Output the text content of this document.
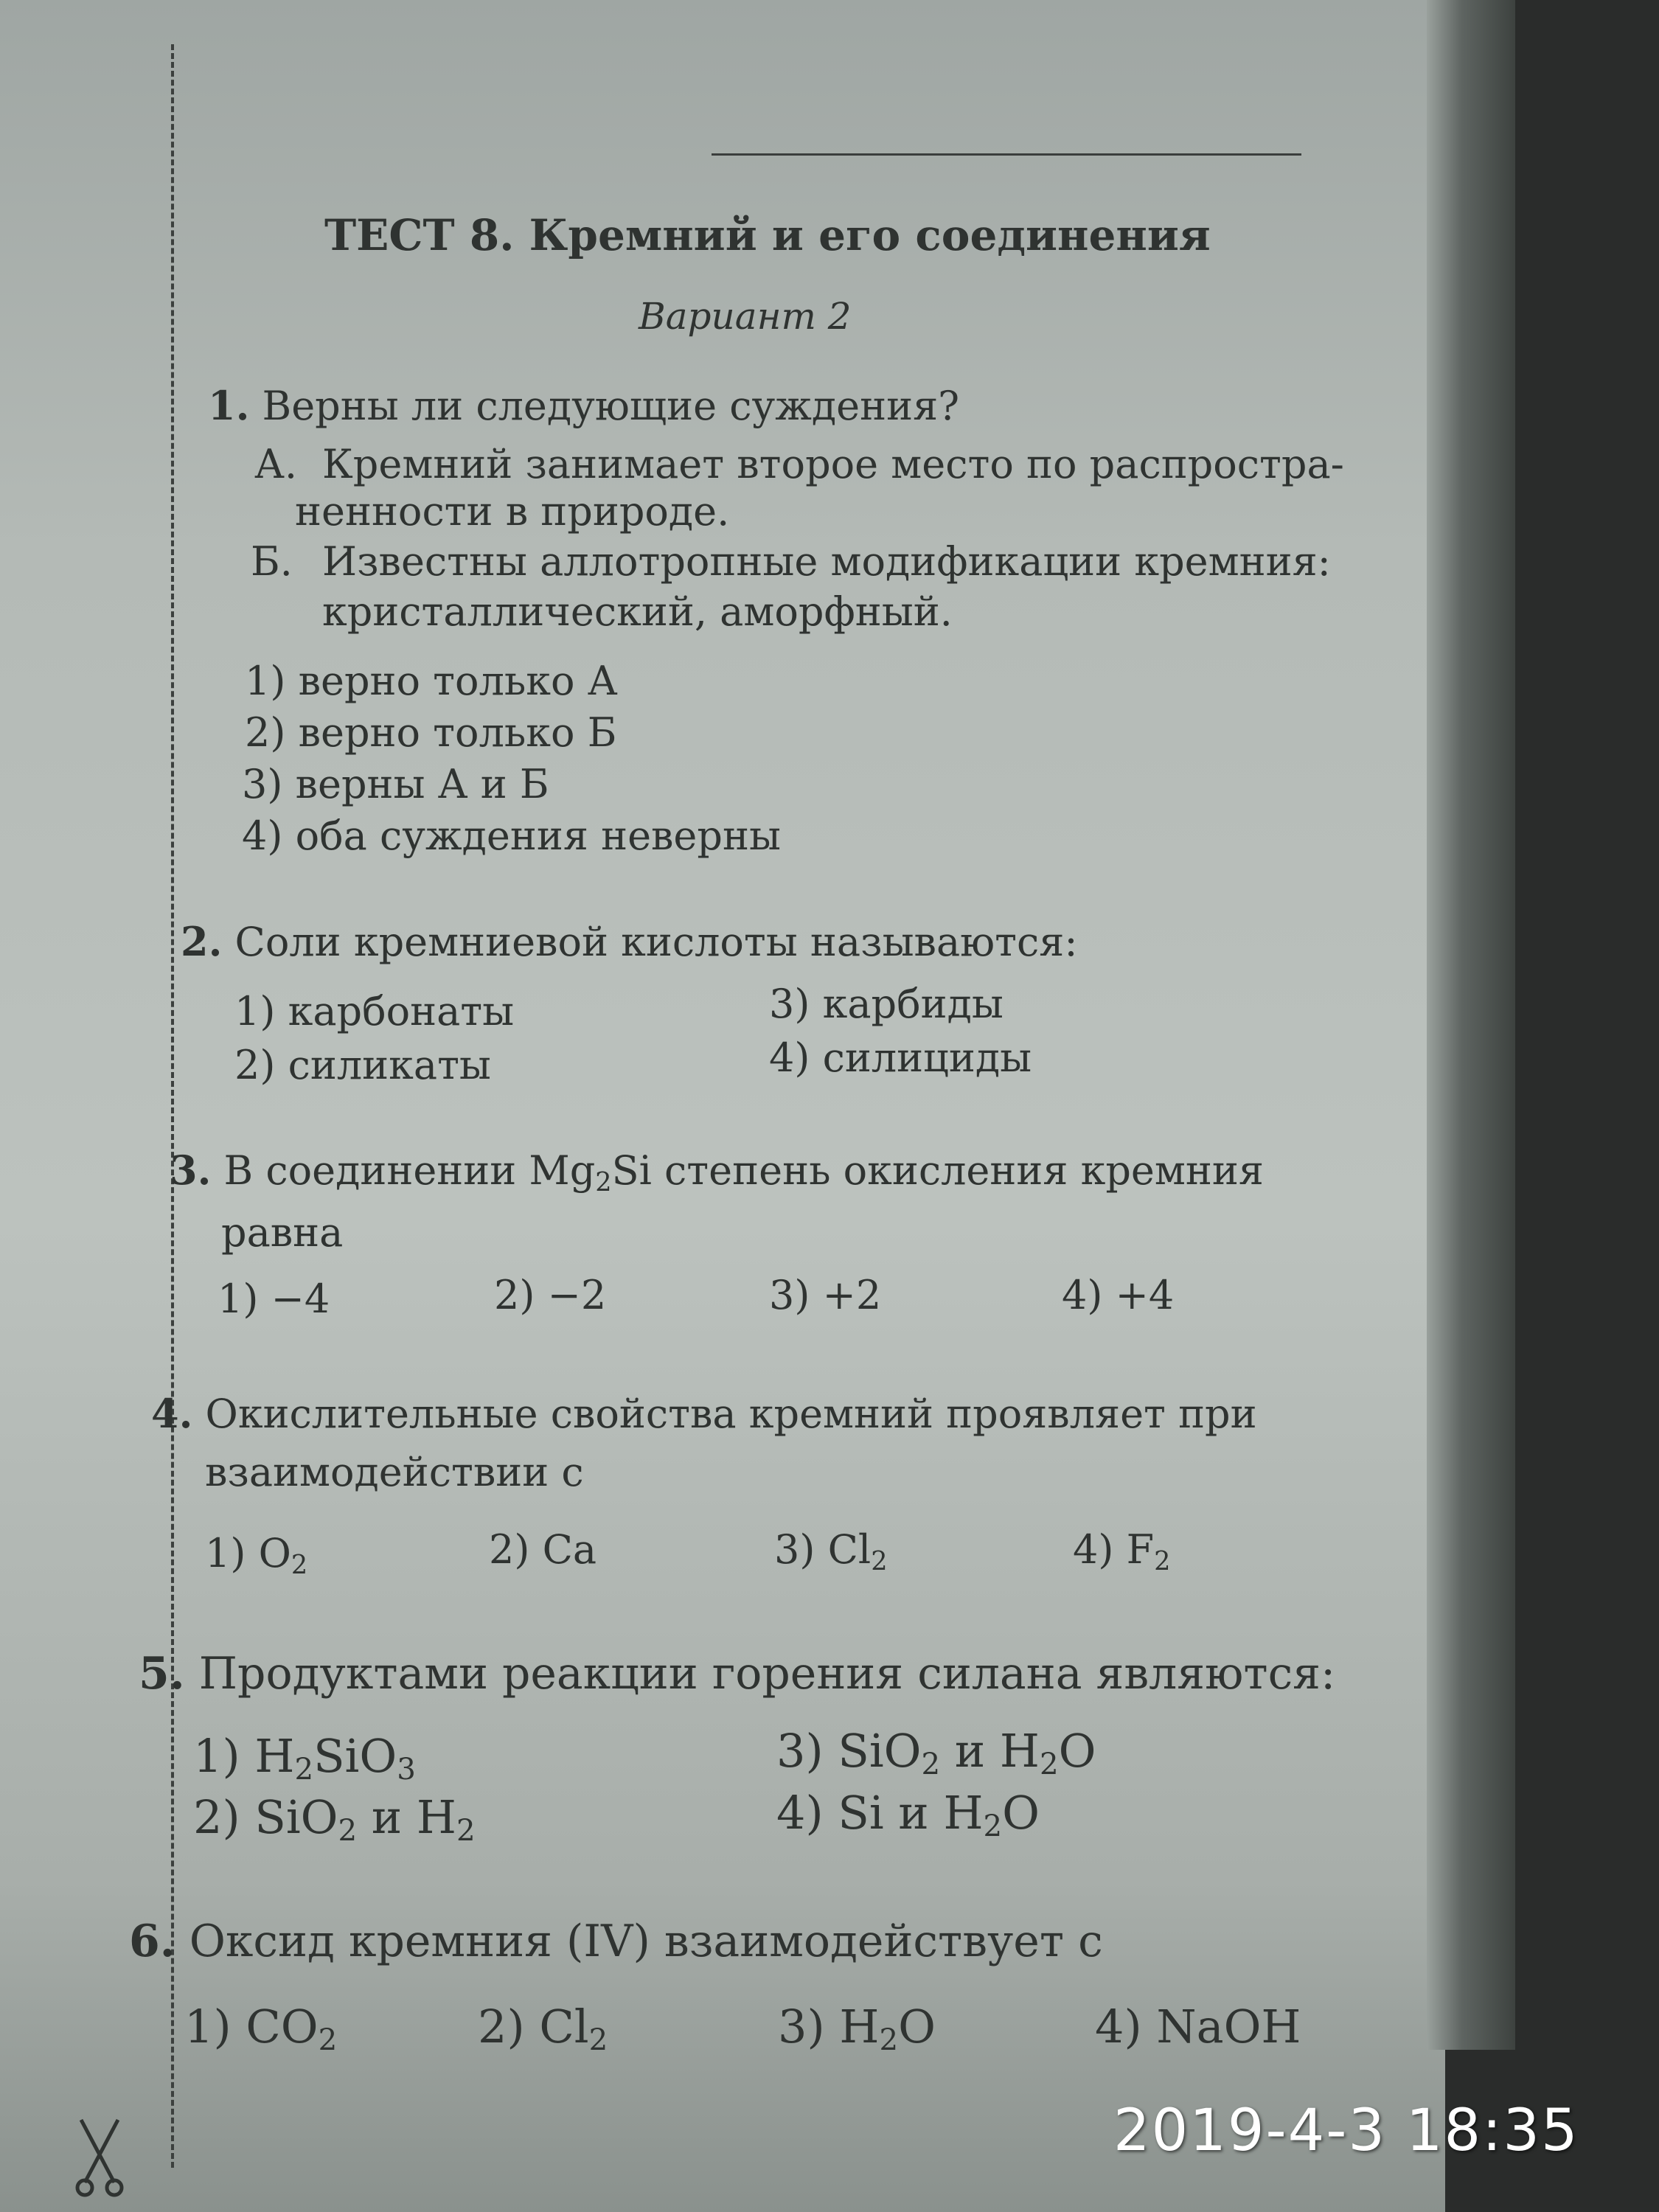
ТЕСТ 8. Кремний и его соединения
Вариант 2
1. Верны ли следующие суждения?
А. Кремний занимает второе место по распростра-
ненности в природе.
Б. Известны аллотропные модификации кремния:
кристаллический, аморфный.
1) верно только А
2) верно только Б
3) верны А и Б
4) оба суждения неверны
2. Соли кремниевой кислоты называются:
1) карбонаты
2) силикаты
3) карбиды
4) силициды
3. В соединении $Mg_2Si$ степень окисления кремния
равна
1) −4	2) −2	3) +2	4) +4
4. Окислительные свойства кремний проявляет при
взаимодействии с
1) $O_2$	2) Ca	3) $Cl_2$	4) $F_2$
5. Продуктами реакции горения силана являются:
1) $H_2SiO_3$
2) SiO$_2$ и $H_2$
3) SiO$_2$ и $H_2O$
4) Si и $H_2O$
6. Оксид кремния (IV) взаимодействует с
1) $CO_2$	2) $Cl_2$	3) $H_2O$	4) NaOH
2019-4-3 18:35
